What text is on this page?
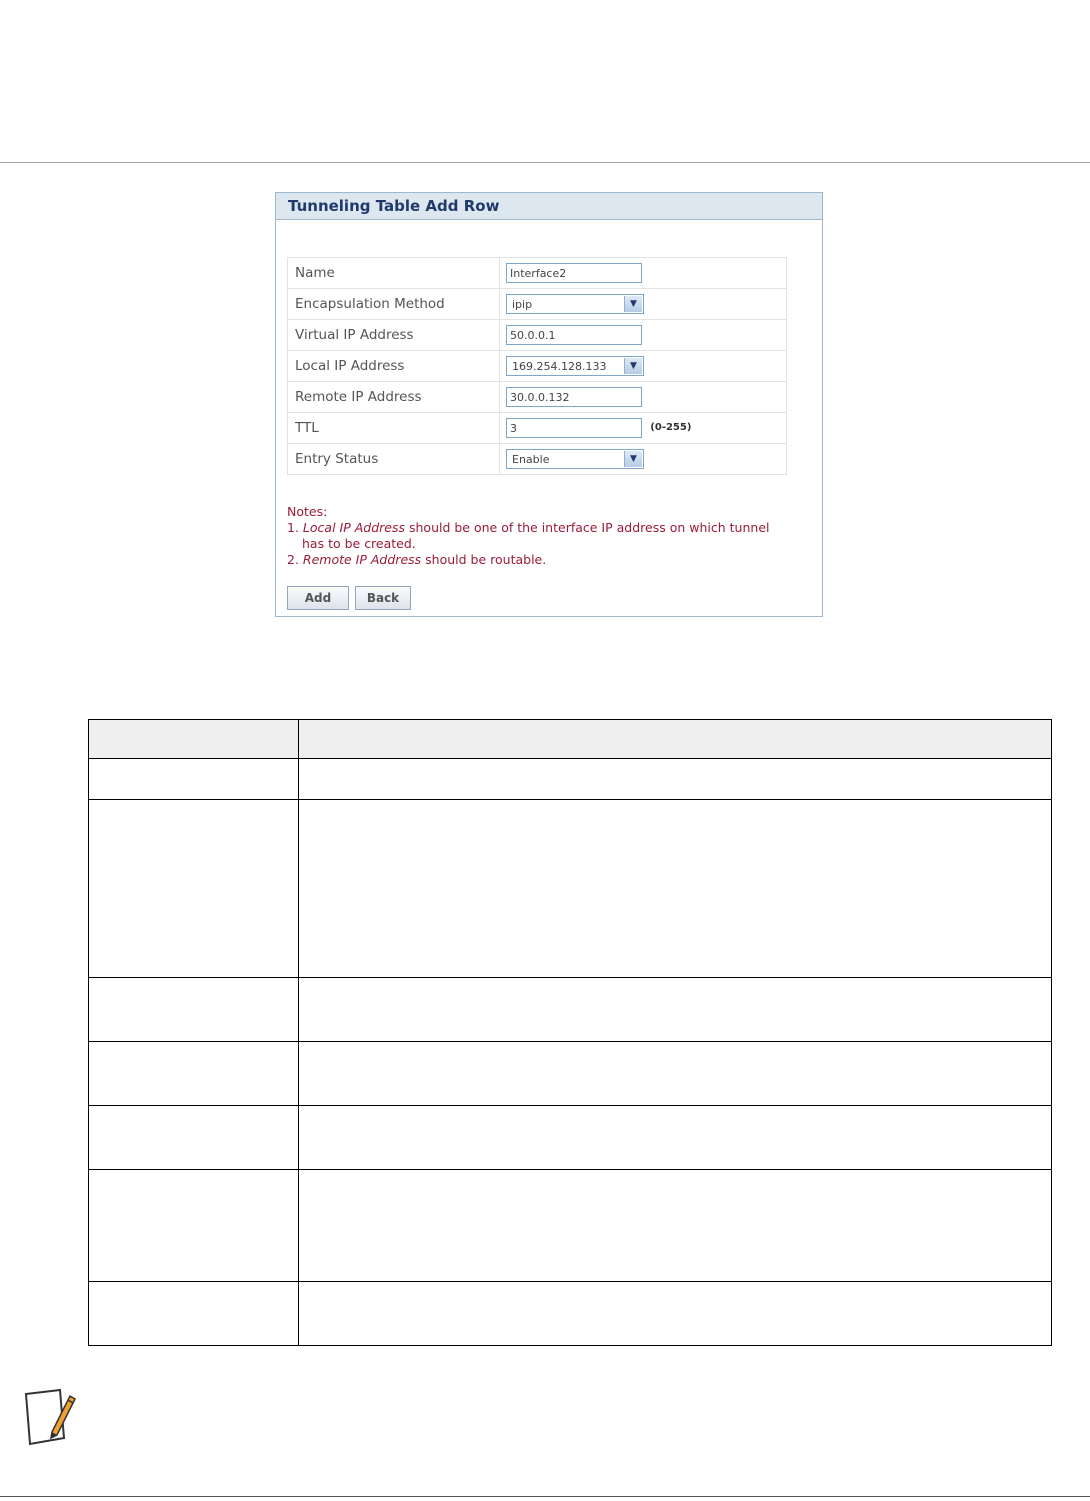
Tunneling Table Add Row
Name	Interface2
Encapsulation Method	ipip ▼

Virtual IP Address	50.0.0.1
Local IP Address	169.254.128.133 ▼

Remote IP Address	30.0.0.132
TTL	3(0-255)
Entry Status	Enable ▼
Notes:
1. Local IP Address should be one of the interface IP address on which tunnel
has to be created.
2. Remote IP Address should be routable.
Add	Back
